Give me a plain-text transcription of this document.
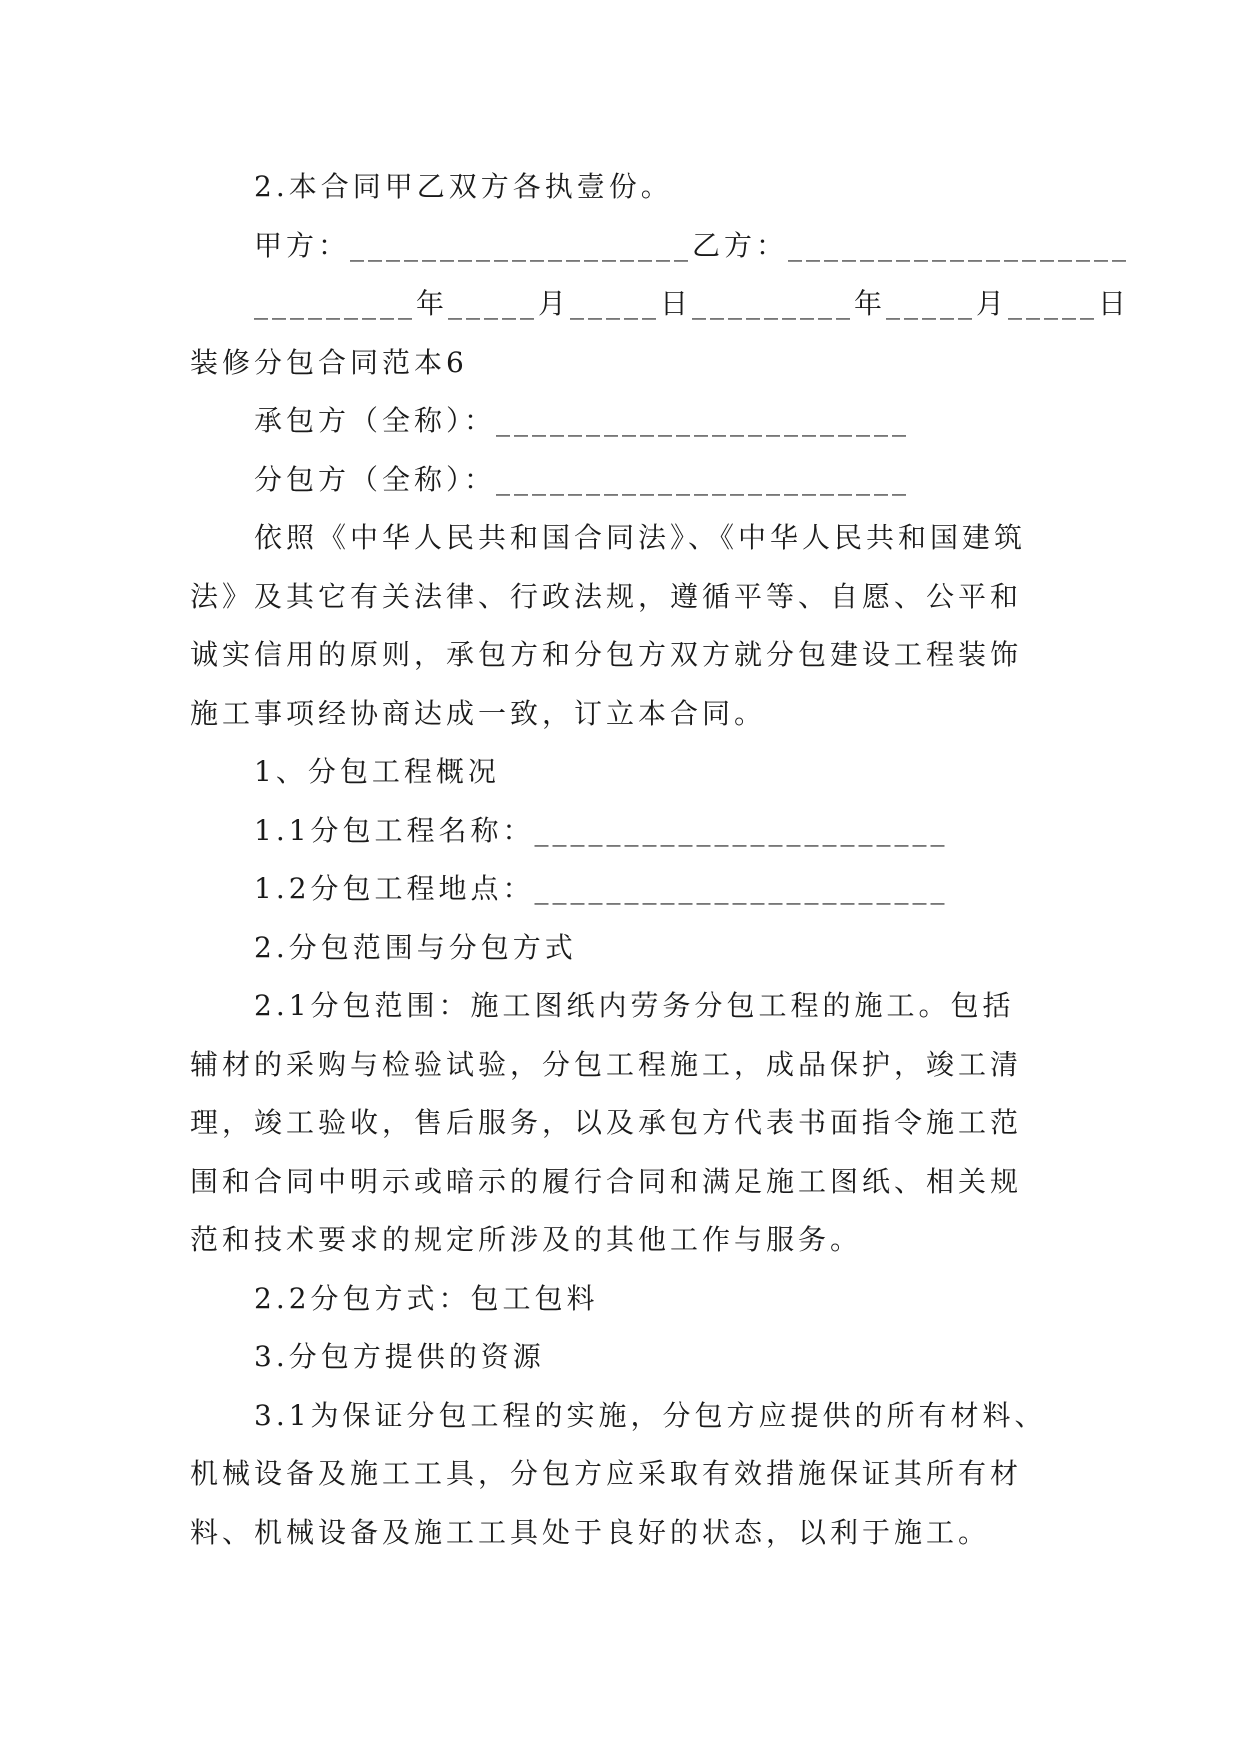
2.本合同甲乙双方各执壹份。
甲方：___________________乙方：___________________
_________年_____月_____日_________年_____月_____日
装修分包合同范本6
承包方（全称）：_______________________
分包方（全称）：_______________________
依照《中华人民共和国合同法》、《中华人民共和国建筑
法》及其它有关法律、行政法规，遵循平等、自愿、公平和
诚实信用的原则，承包方和分包方双方就分包建设工程装饰
施工事项经协商达成一致，订立本合同。
1、分包工程概况
1.1分包工程名称：_______________________
1.2分包工程地点：_______________________
2.分包范围与分包方式
2.1分包范围：施工图纸内劳务分包工程的施工。包括
辅材的采购与检验试验，分包工程施工，成品保护，竣工清
理，竣工验收，售后服务，以及承包方代表书面指令施工范
围和合同中明示或暗示的履行合同和满足施工图纸、相关规
范和技术要求的规定所涉及的其他工作与服务。
2.2分包方式：包工包料
3.分包方提供的资源
3.1为保证分包工程的实施，分包方应提供的所有材料、
机械设备及施工工具，分包方应采取有效措施保证其所有材
料、机械设备及施工工具处于良好的状态，以利于施工。
